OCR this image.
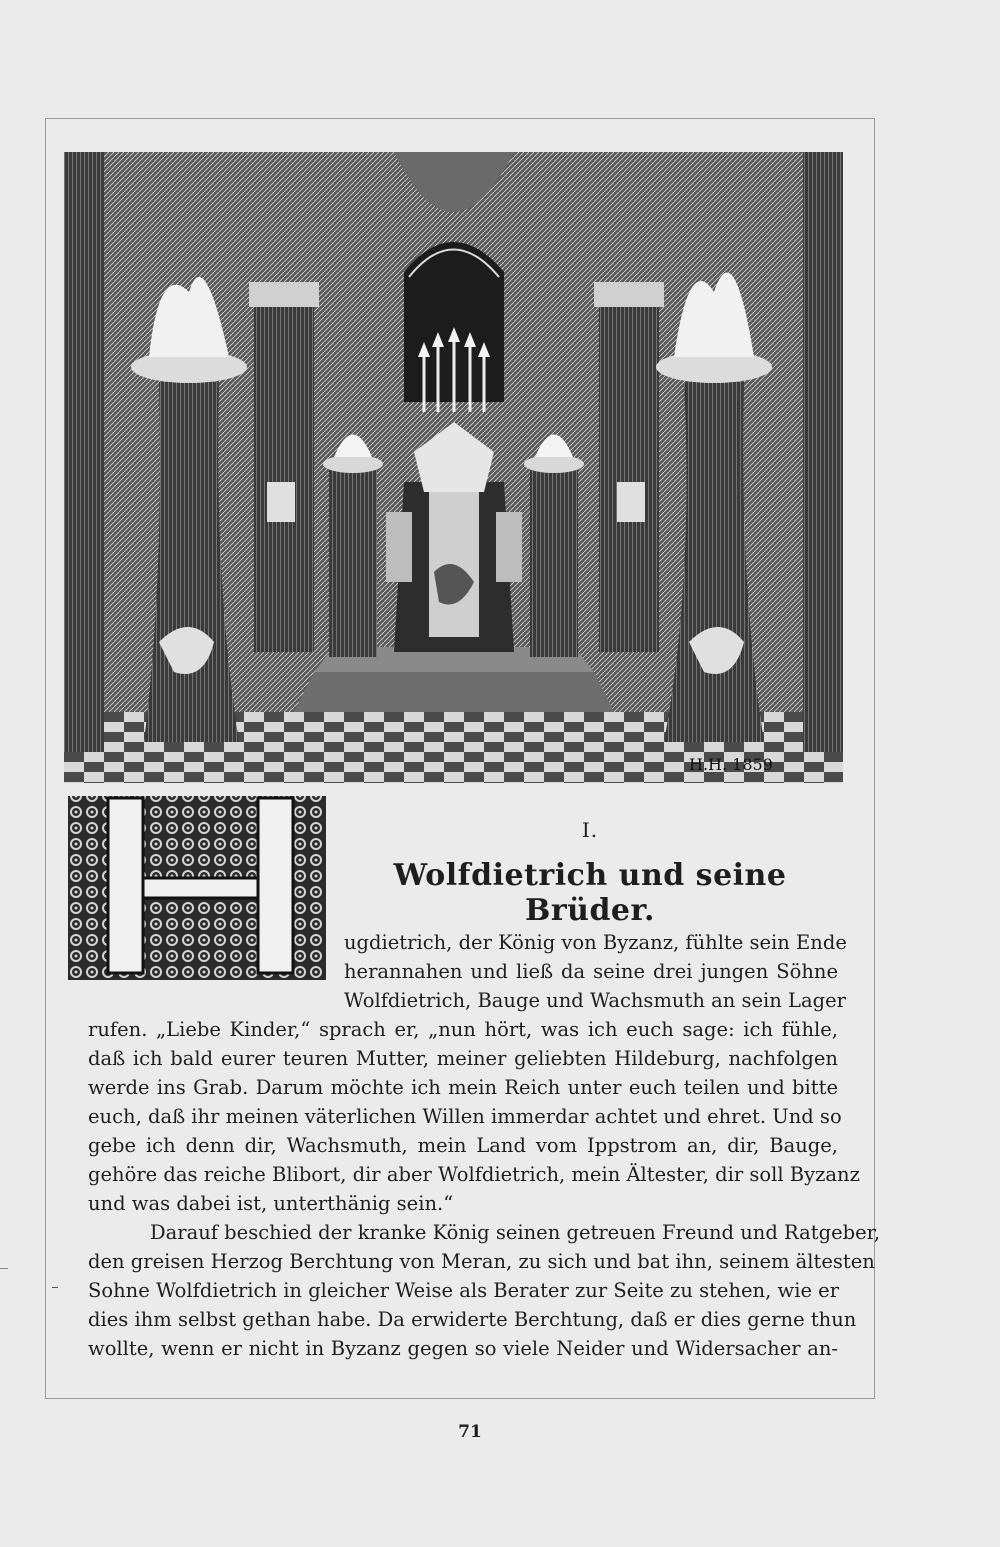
H.H. 1859
I.
Wolfdietrich und seine Brüder.
ugdietrich, der König von Byzanz, fühlte sein Ende
herannahen und ließ da seine drei jungen Söhne
Wolfdietrich, Bauge und Wachsmuth an sein Lager
rufen. „Liebe Kinder,“ sprach er, „nun hört, was ich euch sage: ich fühle,
daß ich bald eurer teuren Mutter, meiner geliebten Hildeburg, nachfolgen
werde ins Grab. Darum möchte ich mein Reich unter euch teilen und bitte
euch, daß ihr meinen väterlichen Willen immerdar achtet und ehret. Und so
gebe ich denn dir, Wachsmuth, mein Land vom Ippstrom an, dir, Bauge,
gehöre das reiche Blibort, dir aber Wolfdietrich, mein Ältester, dir soll Byzanz
und was dabei ist, unterthänig sein.“
Darauf beschied der kranke König seinen getreuen Freund und Ratgeber,
den greisen Herzog Berchtung von Meran, zu sich und bat ihn, seinem ältesten
Sohne Wolfdietrich in gleicher Weise als Berater zur Seite zu stehen, wie er
dies ihm selbst gethan habe. Da erwiderte Berchtung, daß er dies gerne thun
wollte, wenn er nicht in Byzanz gegen so viele Neider und Widersacher an-
71
